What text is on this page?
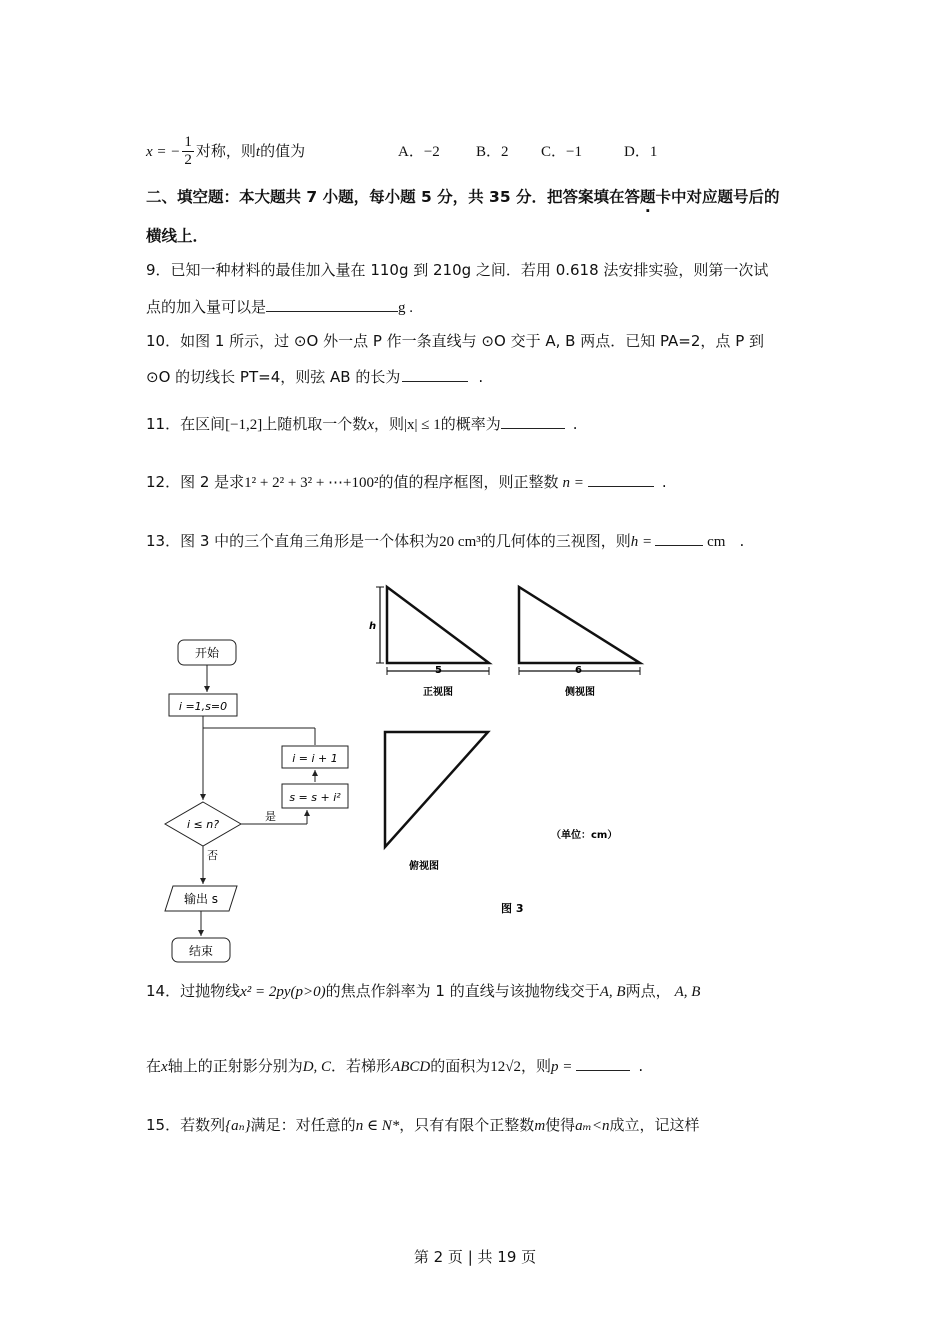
x = − $\frac{1}{2}$ 对称，则t的值为	A．−2 B．2 C．−1	D．1
二、填空题：本大题共 7 小题，每小题 5 分，共 35 分．把答案填在答题卡中对应题号后的
横线上．
9．已知一种材料的最佳加入量在 110g 到 210g 之间．若用 0.618 法安排实验，则第一次试
点的加入量可以是	g .
10．如图 1 所示，过 ⊙O 外一点 P 作一条直线与 ⊙O 交于 A, B 两点．已知 PA=2，点 P 到
⊙O 的切线长 PT=4，则弦 AB 的长为	.
11．在区间[−1,2]上随机取一个数x，则|x| ≤ 1的概率为	.
12．图 2 是求1² + 2² + 3² + ⋯+100²的值的程序框图，则正整数 n =	.
13．图 3 中的三个直角三角形是一个体积为20 cm³的几何体的三视图，则h =	cm .
开始
i =1,s=0
i = i + 1
s = s + i²
i ≤ n?
是
否
输出 s
结束
h
5
正视图
6
侧视图
（单位：cm）
俯视图
图 3
14．过抛物线x² = 2py(p>0)的焦点作斜率为 1 的直线与该抛物线交于A, B两点， A, B
在x轴上的正射影分别为D, C．若梯形ABCD的面积为12√2，则p =	.
15．若数列{aₙ}满足：对任意的n ∈ N*，只有有限个正整数m使得aₘ<n成立，记这样
第 2 页 | 共 19 页
